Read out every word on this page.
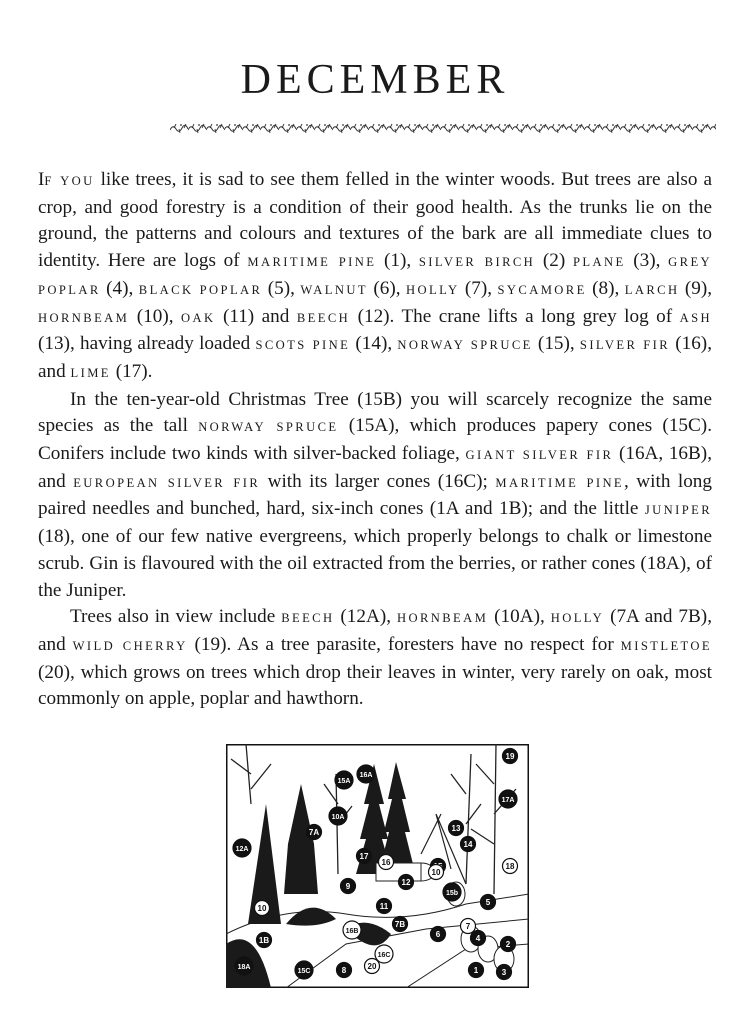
DECEMBER

IF YOU like trees, it is sad to see them felled in the winter woods. But trees are also a crop, and good forestry is a condition of their good health. As the trunks lie on the ground, the patterns and colours and textures of the bark are all immediate clues to identity. Here are logs of MARITIME PINE (1), SILVER BIRCH (2) PLANE (3), GREY POPLAR (4), BLACK POPLAR (5), WALNUT (6), HOLLY (7), SYCAMORE (8), LARCH (9), HORNBEAM (10), OAK (11) and BEECH (12). The crane lifts a long grey log of ASH (13), having already loaded SCOTS PINE (14), NORWAY SPRUCE (15), SILVER FIR (16), and LIME (17).

In the ten-year-old Christmas Tree (15B) you will scarcely recognize the same species as the tall NORWAY SPRUCE (15A), which produces papery cones (15C). Conifers include two kinds with silver-backed foliage, GIANT SILVER FIR (16A, 16B), and EUROPEAN SILVER FIR with its larger cones (16C); MARITIME PINE, with long paired needles and bunched, hard, six-inch cones (1A and 1B); and the little JUNIPER (18), one of our few native evergreens, which properly belongs to chalk or limestone scrub. Gin is flavoured with the oil extracted from the berries, or rather cones (18A), of the Juniper.

Trees also in view include BEECH (12A), HORNBEAM (10A), HOLLY (7A and 7B), and WILD CHERRY (19). As a tree parasite, foresters have no respect for MISTLETOE (20), which grows on trees which drop their leaves in winter, very rarely on oak, most commonly on apple, poplar and hawthorn.

19
15A
16A
17A
10A
7A	13
14
12A
17
16
10
18
12
15b
9
5
11
10
7B	7
16B	6	4
1B	2
16C
18A
15C	8	20	1	3
